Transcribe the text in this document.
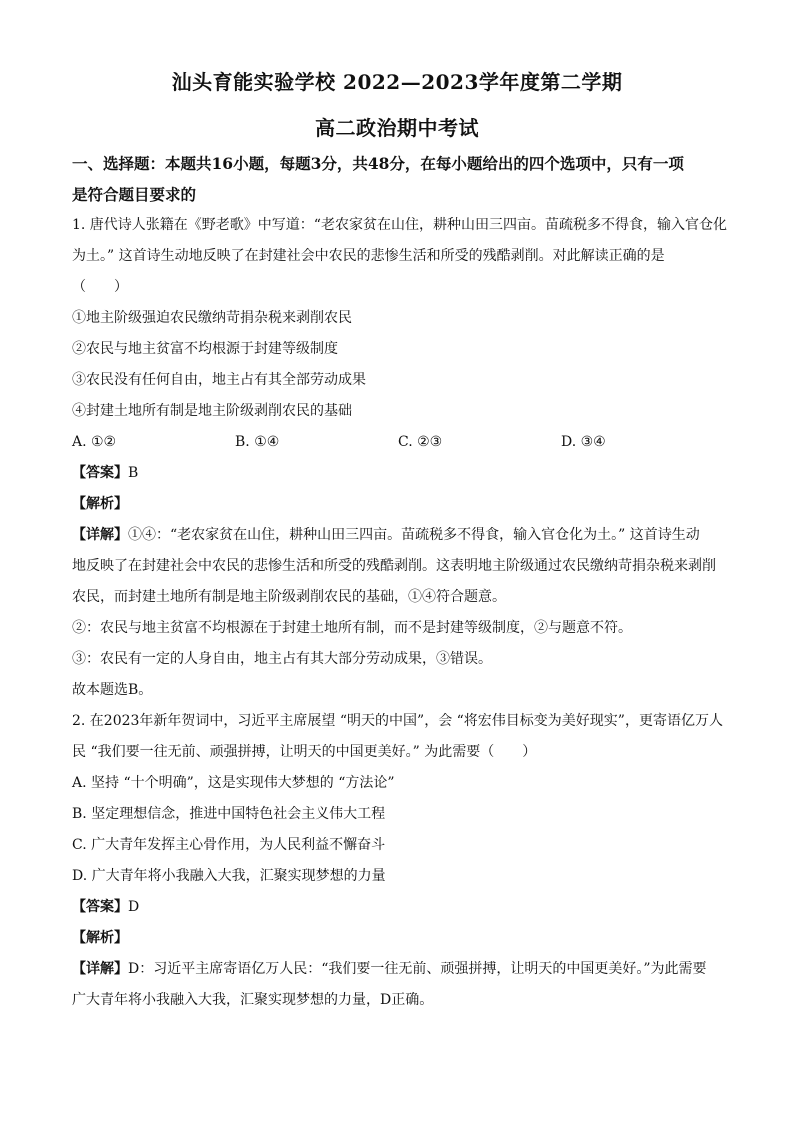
汕头育能实验学校 2022—2023学年度第二学期
高二政治期中考试
一、选择题：本题共16小题，每题3分，共48分，在每小题给出的四个选项中，只有一项
是符合题目要求的
1. 唐代诗人张籍在《野老歌》中写道：“老农家贫在山住，耕种山田三四亩。苗疏税多不得食，输入官仓化
为土。” 这首诗生动地反映了在封建社会中农民的悲惨生活和所受的残酷剥削。对此解读正确的是
（　　）
①地主阶级强迫农民缴纳苛捐杂税来剥削农民
②农民与地主贫富不均根源于封建等级制度
③农民没有任何自由，地主占有其全部劳动成果
④封建土地所有制是地主阶级剥削农民的基础
A. ①②	B. ①④	C. ②③	D. ③④
【答案】B
【解析】
【详解】①④：“老农家贫在山住，耕种山田三四亩。苗疏税多不得食，输入官仓化为土。” 这首诗生动
地反映了在封建社会中农民的悲惨生活和所受的残酷剥削。这表明地主阶级通过农民缴纳苛捐杂税来剥削
农民，而封建土地所有制是地主阶级剥削农民的基础，①④符合题意。
②：农民与地主贫富不均根源在于封建土地所有制，而不是封建等级制度，②与题意不符。
③：农民有一定的人身自由，地主占有其大部分劳动成果，③错误。
故本题选B。
2. 在2023年新年贺词中，习近平主席展望 “明天的中国”，会 “将宏伟目标变为美好现实”，更寄语亿万人
民 “我们要一往无前、顽强拼搏，让明天的中国更美好。” 为此需要（　　）
A. 坚持 “十个明确”，这是实现伟大梦想的 “方法论”
B. 坚定理想信念，推进中国特色社会主义伟大工程
C. 广大青年发挥主心骨作用，为人民利益不懈奋斗
D. 广大青年将小我融入大我，汇聚实现梦想的力量
【答案】D
【解析】
【详解】D：习近平主席寄语亿万人民：“我们要一往无前、顽强拼搏，让明天的中国更美好。”为此需要
广大青年将小我融入大我，汇聚实现梦想的力量，D正确。
